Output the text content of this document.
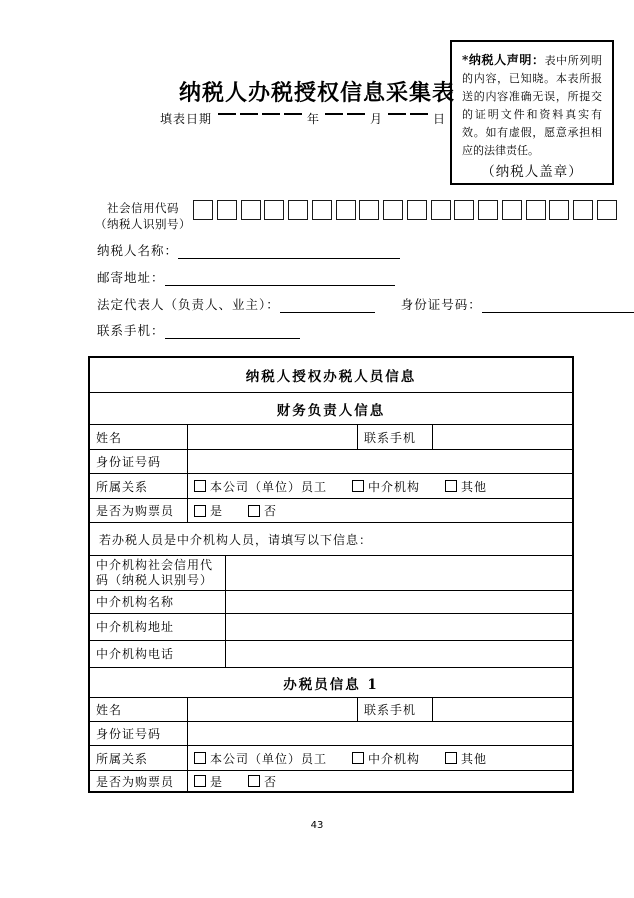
纳税人办税授权信息采集表
填表日期	年	月	日
*纳税人声明：表中所列明的内容，已知晓。本表所报送的内容准确无误，所提交的证明文件和资料真实有效。如有虚假，愿意承担相应的法律责任。
（纳税人盖章）
社会信用代码
（纳税人识别号）
纳税人名称：
邮寄地址：
法定代表人（负责人、业主）：	身份证号码：
联系手机：
纳税人授权办税人员信息
财务负责人信息
姓名	联系手机
身份证号码
所属关系	本公司（单位）员工	中介机构	其他
是否为购票员	是	否
若办税人员是中介机构人员，请填写以下信息：
中介机构社会信用代码（纳税人识别号）
中介机构名称
中介机构地址
中介机构电话
办税员信息 1
姓名	联系手机
身份证号码
所属关系	本公司（单位）员工	中介机构	其他
是否为购票员	是	否
43
